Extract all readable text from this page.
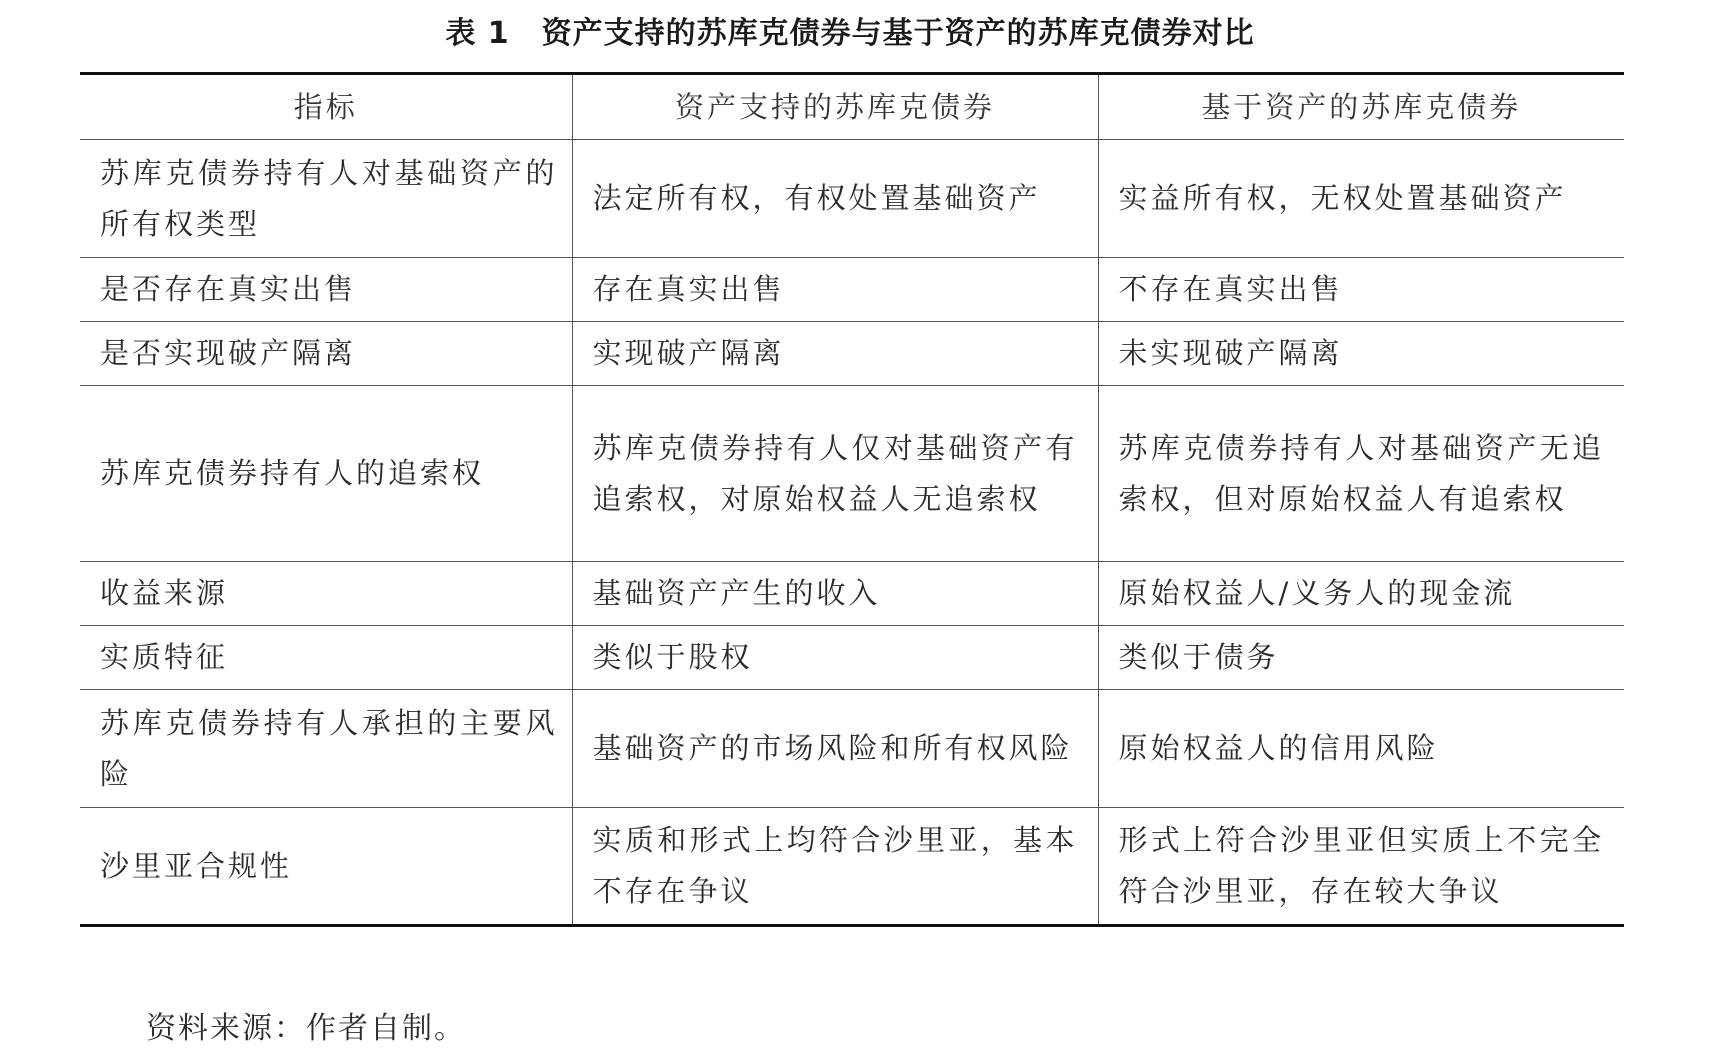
表 1 资产支持的苏库克债券与基于资产的苏库克债券对比
指标	资产支持的苏库克债券	基于资产的苏库克债券
苏库克债券持有人对基础资产的所有权类型	法定所有权，有权处置基础资产	实益所有权，无权处置基础资产
是否存在真实出售	存在真实出售	不存在真实出售
是否实现破产隔离	实现破产隔离	未实现破产隔离
苏库克债券持有人的追索权	苏库克债券持有人仅对基础资产有追索权，对原始权益人无追索权	苏库克债券持有人对基础资产无追索权，但对原始权益人有追索权
收益来源	基础资产产生的收入	原始权益人/义务人的现金流
实质特征	类似于股权	类似于债务
苏库克债券持有人承担的主要风险	基础资产的市场风险和所有权风险	原始权益人的信用风险
沙里亚合规性	实质和形式上均符合沙里亚，基本不存在争议	形式上符合沙里亚但实质上不完全符合沙里亚，存在较大争议
资料来源：作者自制。
